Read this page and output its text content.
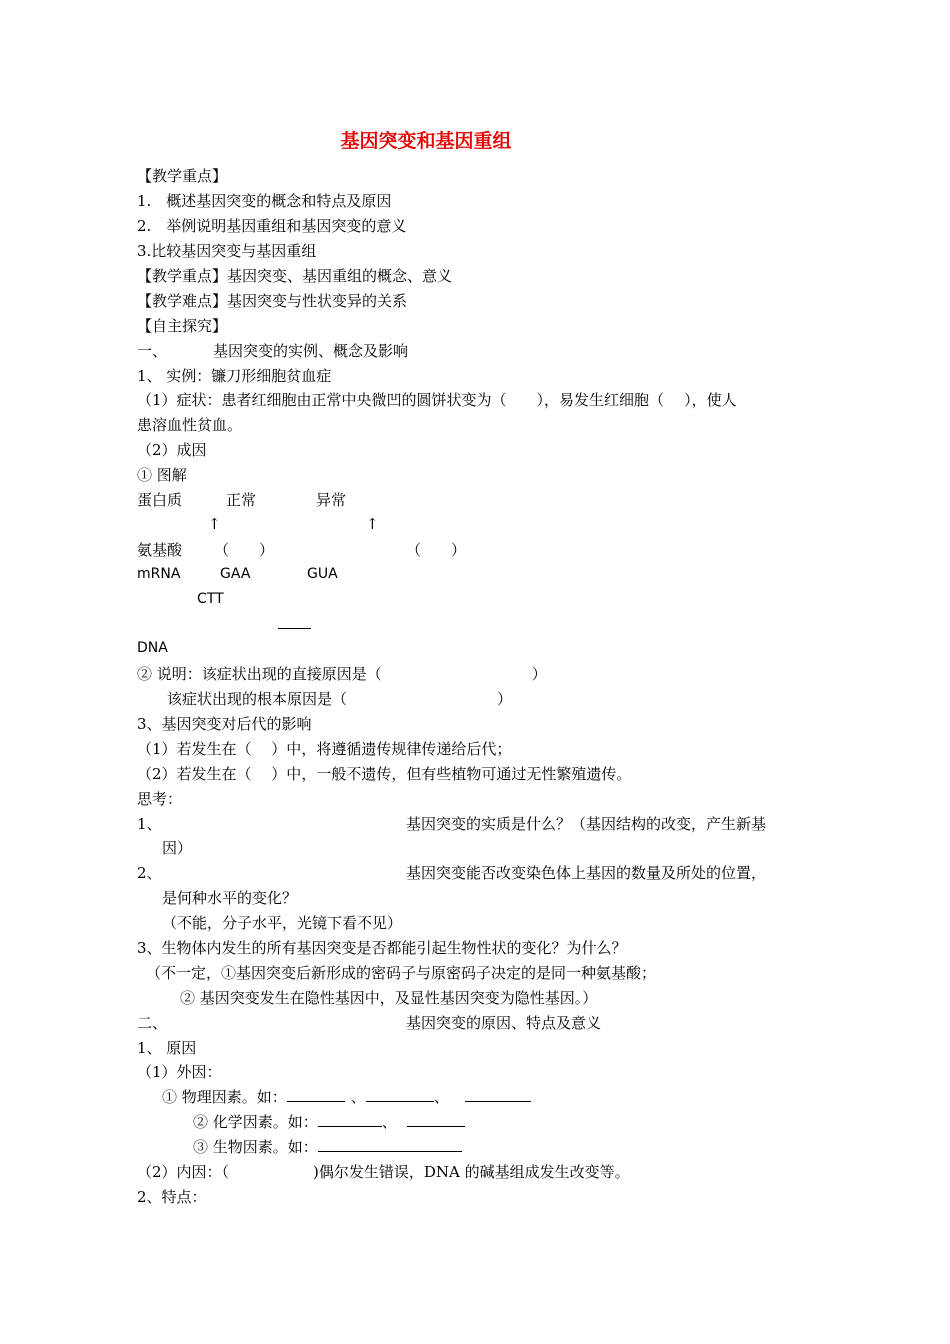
基因突变和基因重组
【教学重点】
1.　概述基因突变的概念和特点及原因
2.　举例说明基因重组和基因突变的意义
3.比较基因突变与基因重组
【教学重点】基因突变、基因重组的概念、意义
【教学难点】基因突变与性状变异的关系
【自主探究】
一、	基因突变的实例、概念及影响
1、 实例：镰刀形细胞贫血症
（1）症状：患者红细胞由正常中央微凹的圆饼状变为（ ），易发生红细胞（ ），使人
患溶血性贫血。
（2）成因
① 图解
蛋白质	正常	异常
↑	↑
氨基酸 （　　）	（　　）
mRNA	GAA	GUA
CTT
DNA
② 说明：该症状出现的直接原因是（	）
该症状出现的根本原因是（	）
3、基因突变对后代的影响
（1）若发生在（　 ）中，将遵循遗传规律传递给后代；
（2）若发生在（　 ）中，一般不遗传，但有些植物可通过无性繁殖遗传。
思考：
1、	基因突变的实质是什么？（基因结构的改变，产生新基
因）
2、	基因突变能否改变染色体上基因的数量及所处的位置，
是何种水平的变化？
（不能，分子水平，光镜下看不见）
3、生物体内发生的所有基因突变是否都能引起生物性状的变化？为什么？
（不一定，①基因突变后新形成的密码子与原密码子决定的是同一种氨基酸；
② 基因突变发生在隐性基因中，及显性基因突变为隐性基因。）
二、	基因突变的原因、特点及意义
1、 原因
（1）外因：
① 物理因素。如：	、	、
② 化学因素。如：	、
③ 生物因素。如：
（2）内因：（	)偶尔发生错误，DNA 的碱基组成发生改变等。
2、特点：
